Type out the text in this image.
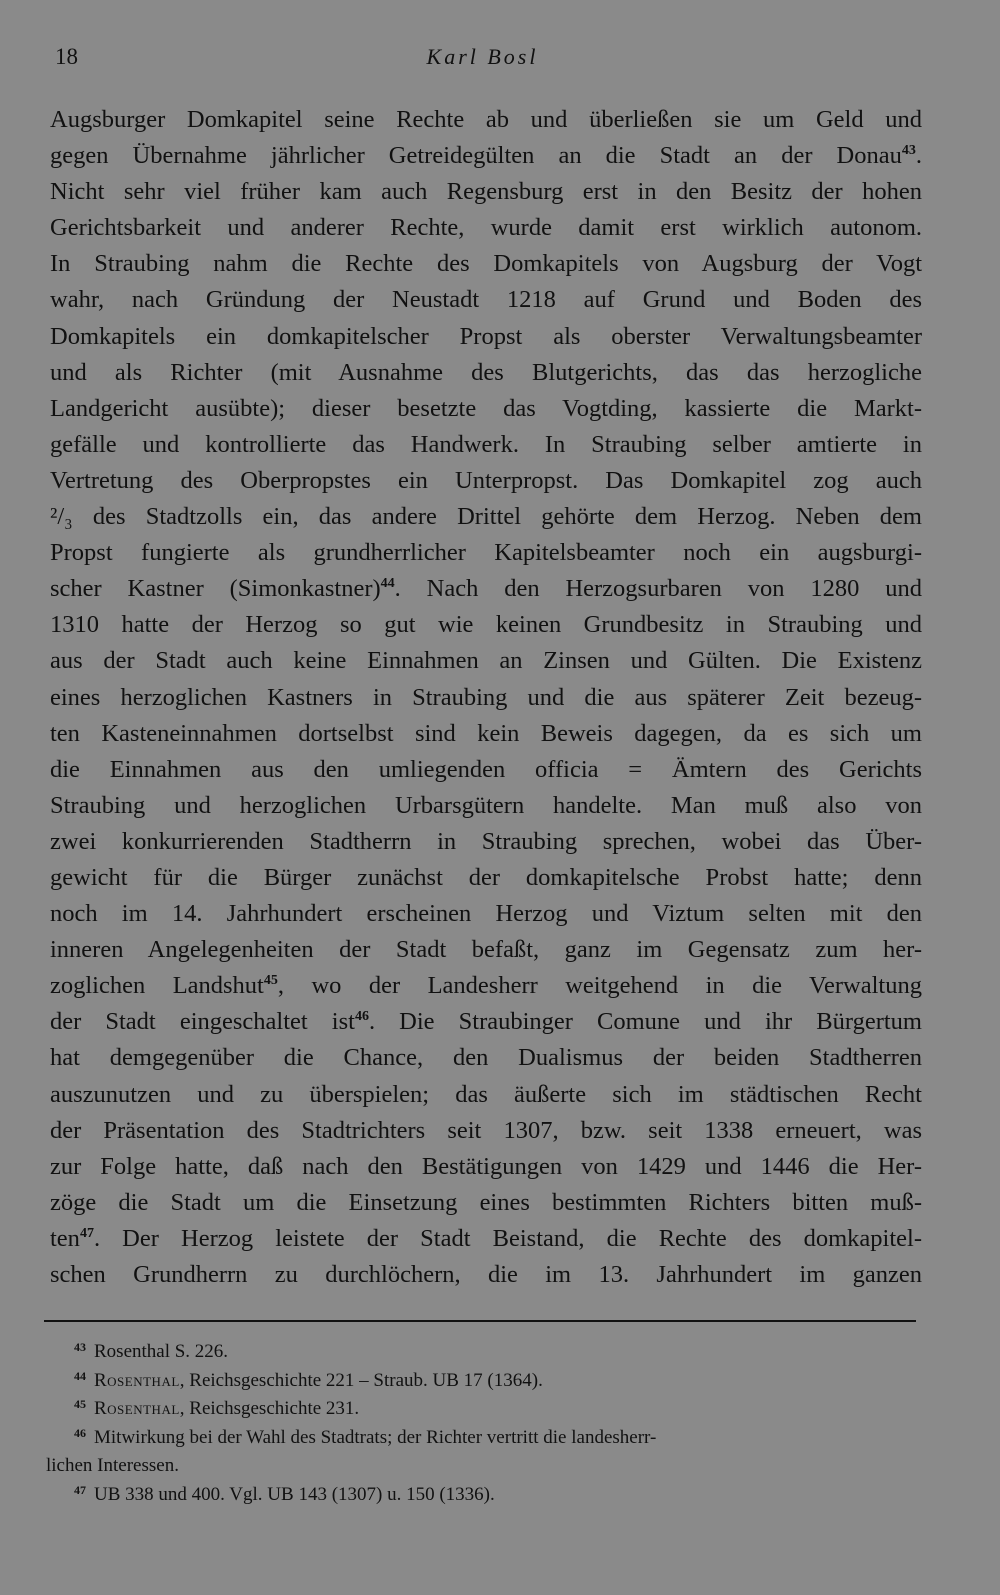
18	Karl Bosl
Augsburger Domkapitel seine Rechte ab und überließen sie um Geld und
gegen Übernahme jährlicher Getreidegülten an die Stadt an der Donau$^{43}$.
Nicht sehr viel früher kam auch Regensburg erst in den Besitz der hohen
Gerichtsbarkeit und anderer Rechte, wurde damit erst wirklich autonom.
In Straubing nahm die Rechte des Domkapitels von Augsburg der Vogt
wahr, nach Gründung der Neustadt 1218 auf Grund und Boden des
Domkapitels ein domkapitelscher Propst als oberster Verwaltungsbeamter
und als Richter (mit Ausnahme des Blutgerichts, das das herzogliche
Landgericht ausübte); dieser besetzte das Vogtding, kassierte die Markt-
gefälle und kontrollierte das Handwerk. In Straubing selber amtierte in
Vertretung des Oberpropstes ein Unterpropst. Das Domkapitel zog auch
²/₃ des Stadtzolls ein, das andere Drittel gehörte dem Herzog. Neben dem
Propst fungierte als grundherrlicher Kapitelsbeamter noch ein augsburgi-
scher Kastner (Simonkastner)$^{44}$. Nach den Herzogsurbaren von 1280 und
1310 hatte der Herzog so gut wie keinen Grundbesitz in Straubing und
aus der Stadt auch keine Einnahmen an Zinsen und Gülten. Die Existenz
eines herzoglichen Kastners in Straubing und die aus späterer Zeit bezeug-
ten Kasteneinnahmen dortselbst sind kein Beweis dagegen, da es sich um
die Einnahmen aus den umliegenden officia = Ämtern des Gerichts
Straubing und herzoglichen Urbarsgütern handelte. Man muß also von
zwei konkurrierenden Stadtherrn in Straubing sprechen, wobei das Über-
gewicht für die Bürger zunächst der domkapitelsche Probst hatte; denn
noch im 14. Jahrhundert erscheinen Herzog und Viztum selten mit den
inneren Angelegenheiten der Stadt befaßt, ganz im Gegensatz zum her-
zoglichen Landshut$^{45}$, wo der Landesherr weitgehend in die Verwaltung
der Stadt eingeschaltet ist$^{46}$. Die Straubinger Comune und ihr Bürgertum
hat demgegenüber die Chance, den Dualismus der beiden Stadtherren
auszunutzen und zu überspielen; das äußerte sich im städtischen Recht
der Präsentation des Stadtrichters seit 1307, bzw. seit 1338 erneuert, was
zur Folge hatte, daß nach den Bestätigungen von 1429 und 1446 die Her-
zöge die Stadt um die Einsetzung eines bestimmten Richters bitten muß-
ten$^{47}$. Der Herzog leistete der Stadt Beistand, die Rechte des domkapitel-
schen Grundherrn zu durchlöchern, die im 13. Jahrhundert im ganzen
43 Rosenthal S. 226.
44 Rosenthal, Reichsgeschichte 221 – Straub. UB 17 (1364).
45 Rosenthal, Reichsgeschichte 231.
46 Mitwirkung bei der Wahl des Stadtrats; der Richter vertritt die landesherr-
lichen Interessen.
47 UB 338 und 400. Vgl. UB 143 (1307) u. 150 (1336).
